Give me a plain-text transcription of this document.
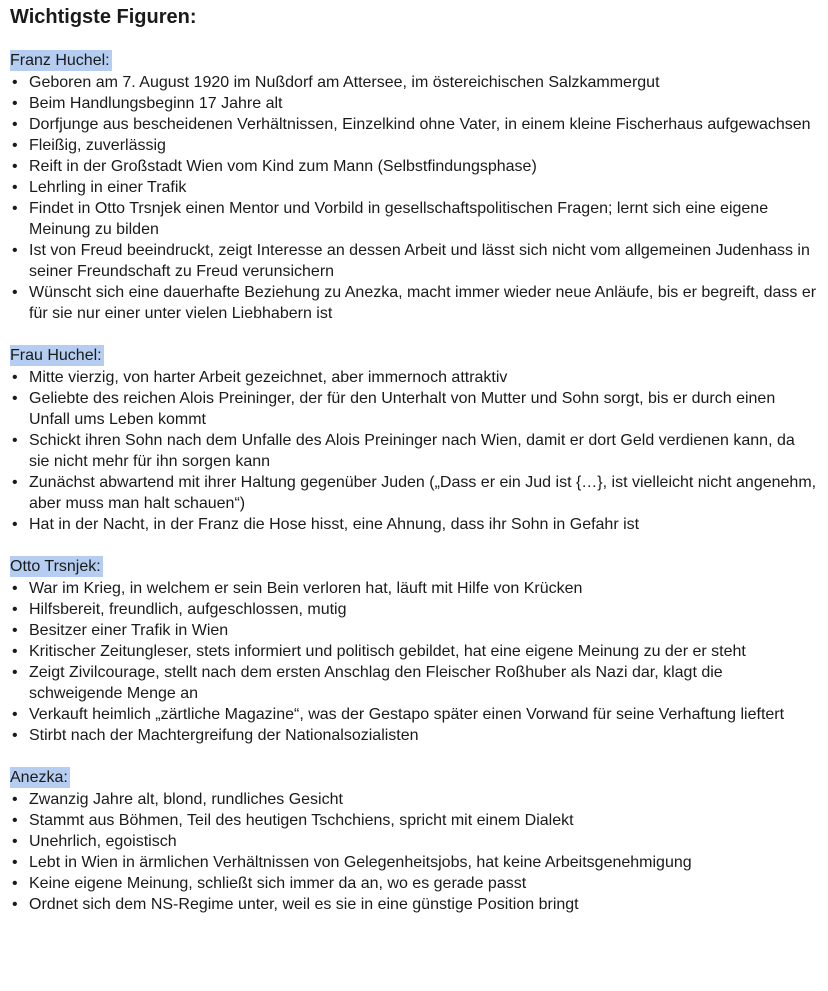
Wichtigste Figuren:
Franz Huchel:
• Geboren am 7. August 1920 im Nußdorf am Attersee, im östereichischen Salzkammergut
• Beim Handlungsbeginn 17 Jahre alt
• Dorfjunge aus bescheidenen Verhältnissen, Einzelkind ohne Vater, in einem kleine Fischerhaus aufgewachsen
• Fleißig, zuverlässig
• Reift in der Großstadt Wien vom Kind zum Mann (Selbstfindungsphase)
• Lehrling in einer Trafik
• Findet in Otto Trsnjek einen Mentor und Vorbild in gesellschaftspolitischen Fragen; lernt sich eine eigene Meinung zu bilden
• Ist von Freud beeindruckt, zeigt Interesse an dessen Arbeit und lässt sich nicht vom allgemeinen Judenhass in seiner Freundschaft zu Freud verunsichern
• Wünscht sich eine dauerhafte Beziehung zu Anezka, macht immer wieder neue Anläufe, bis er begreift, dass er für sie nur einer unter vielen Liebhabern ist
Frau Huchel:
• Mitte vierzig, von harter Arbeit gezeichnet, aber immernoch attraktiv
• Geliebte des reichen Alois Preininger, der für den Unterhalt von Mutter und Sohn sorgt, bis er durch einen Unfall ums Leben kommt
• Schickt ihren Sohn nach dem Unfalle des Alois Preininger nach Wien, damit er dort Geld verdienen kann, da sie nicht mehr für ihn sorgen kann
• Zunächst abwartend mit ihrer Haltung gegenüber Juden („Dass er ein Jud ist {…}, ist vielleicht nicht angenehm, aber muss man halt schauen“)
• Hat in der Nacht, in der Franz die Hose hisst, eine Ahnung, dass ihr Sohn in Gefahr ist
Otto Trsnjek:
• War im Krieg, in welchem er sein Bein verloren hat, läuft mit Hilfe von Krücken
• Hilfsbereit, freundlich, aufgeschlossen, mutig
• Besitzer einer Trafik in Wien
• Kritischer Zeitungleser, stets informiert und politisch gebildet, hat eine eigene Meinung zu der er steht
• Zeigt Zivilcourage, stellt nach dem ersten Anschlag den Fleischer Roßhuber als Nazi dar, klagt die schweigende Menge an
• Verkauft heimlich „zärtliche Magazine“, was der Gestapo später einen Vorwand für seine Verhaftung lieftert
• Stirbt nach der Machtergreifung der Nationalsozialisten
Anezka:
• Zwanzig Jahre alt, blond, rundliches Gesicht
• Stammt aus Böhmen, Teil des heutigen Tschchiens, spricht mit einem Dialekt
• Unehrlich, egoistisch
• Lebt in Wien in ärmlichen Verhältnissen von Gelegenheitsjobs, hat keine Arbeitsgenehmigung
• Keine eigene Meinung, schließt sich immer da an, wo es gerade passt
• Ordnet sich dem NS-Regime unter, weil es sie in eine günstige Position bringt
